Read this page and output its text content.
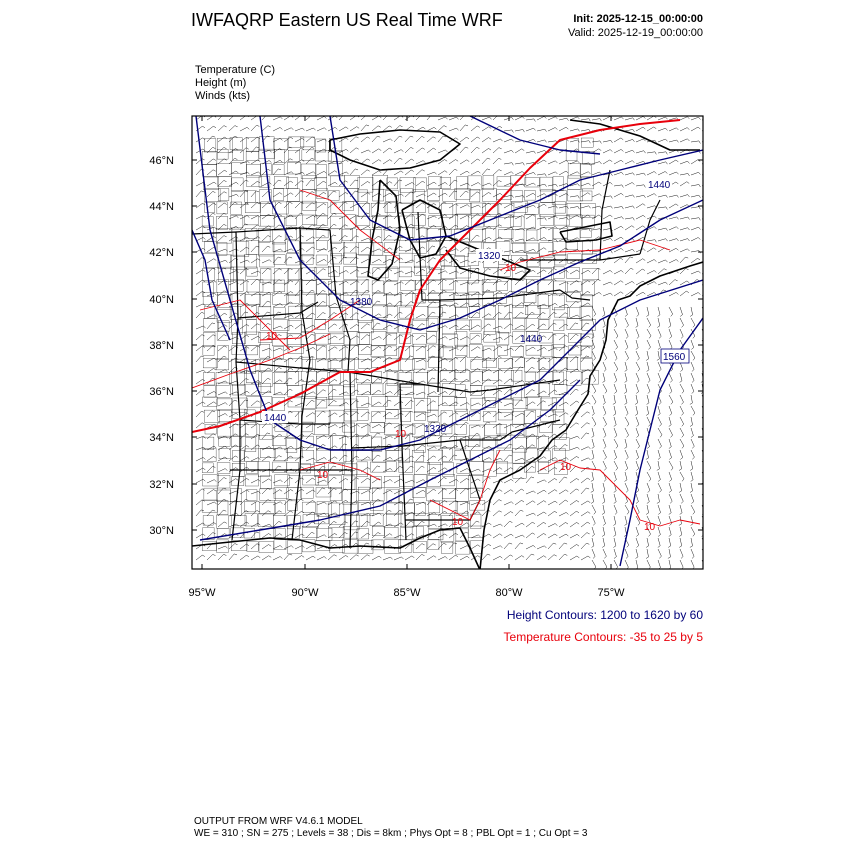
IWFAQRP Eastern US Real Time WRF	Init: 2025-12-15_00:00:00
Valid: 2025-12-19_00:00:00
Temperature (C)
Height (m)
Winds (kts)
46°N
44°N
42°N
40°N
38°N
36°N
34°N
32°N
30°N
95°W	90°W	85°W	80°W	75°W
1440
1320
1380
1560
1440
1440
1320
10
10
10	10
10
10
10
Height Contours: 1200 to 1620 by 60
Temperature Contours: -35 to 25 by 5
OUTPUT FROM WRF V4.6.1 MODEL
WE = 310 ; SN = 275 ; Levels = 38 ; Dis = 8km ; Phys Opt = 8 ; PBL Opt = 1 ; Cu Opt = 3
